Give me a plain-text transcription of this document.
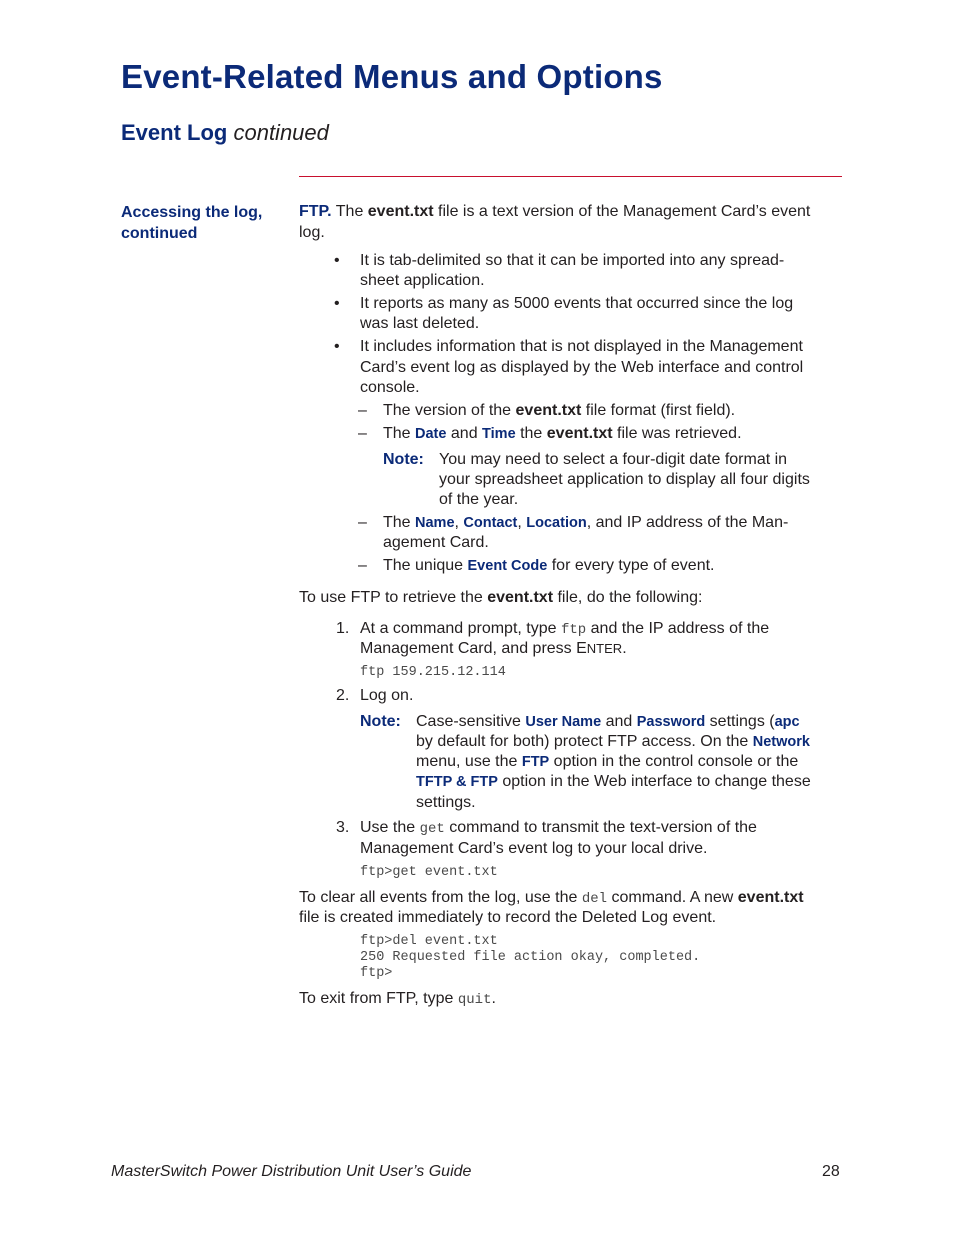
Event-Related Menus and Options
Event Log continued
Accessing the log,
continued
FTP. The event.txt file is a text version of the Management Card’s event
log.
• It is tab-delimited so that it can be imported into any spread-
sheet application.
• It reports as many as 5000 events that occurred since the log
was last deleted.
• It includes information that is not displayed in the Management
Card’s event log as displayed by the Web interface and control
console.
– The version of the event.txt file format (first field).
– The Date and Time the event.txt file was retrieved.
Note: You may need to select a four-digit date format in
your spreadsheet application to display all four digits
of the year.
– The Name, Contact, Location, and IP address of the Man-
agement Card.
– The unique Event Code for every type of event.
To use FTP to retrieve the event.txt file, do the following:
1. At a command prompt, type ftp and the IP address of the
Management Card, and press ENTER.
ftp 159.215.12.114
2. Log on.
Note: Case-sensitive User Name and Password settings (apc
by default for both) protect FTP access. On the Network
menu, use the FTP option in the control console or the
TFTP & FTP option in the Web interface to change these
settings.
3. Use the get command to transmit the text-version of the
Management Card’s event log to your local drive.
ftp>get event.txt
To clear all events from the log, use the del command. A new event.txt
file is created immediately to record the Deleted Log event.
ftp>del event.txt
250 Requested file action okay, completed.
ftp>
To exit from FTP, type quit.
MasterSwitch Power Distribution Unit User’s Guide	28
